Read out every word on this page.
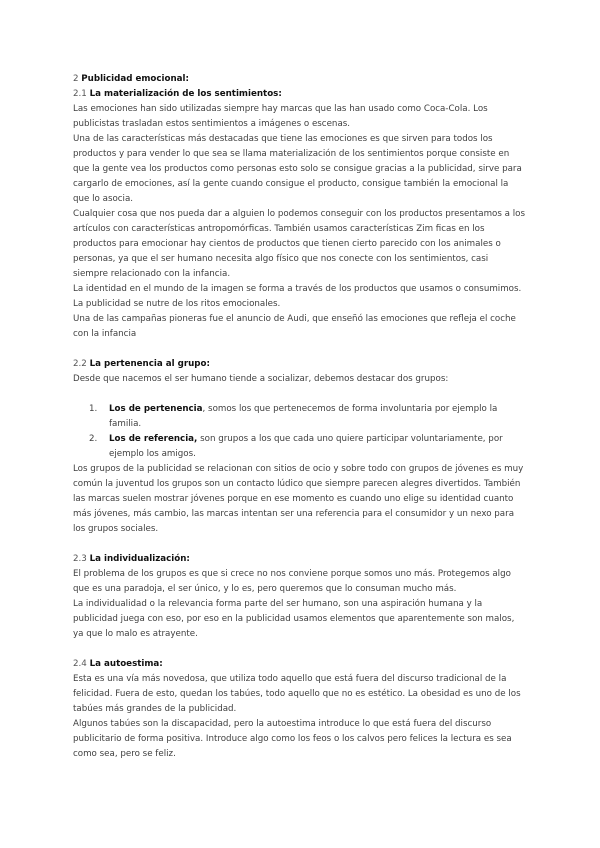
2 Publicidad emocional:

2.1 La materialización de los sentimientos:

Las emociones han sido utilizadas siempre hay marcas que las han usado como Coca-Cola. Los publicistas trasladan estos sentimientos a imágenes o escenas.

Una de las características más destacadas que tiene las emociones es que sirven para todos los productos y para vender lo que sea se llama materialización de los sentimientos porque consiste en que la gente vea los productos como personas esto solo se consigue gracias a la publicidad, sirve para cargarlo de emociones, así la gente cuando consigue el producto, consigue también la emocional la que lo asocia.

Cualquier cosa que nos pueda dar a alguien lo podemos conseguir con los productos presentamos a los artículos con características antropomórficas. También usamos características Zim ficas en los productos para emocionar hay cientos de productos que tienen cierto parecido con los animales o personas, ya que el ser humano necesita algo físico que nos conecte con los sentimientos, casi siempre relacionado con la infancia.

La identidad en el mundo de la imagen se forma a través de los productos que usamos o consumimos. La publicidad se nutre de los ritos emocionales.

Una de las campañas pioneras fue el anuncio de Audi, que enseñó las emociones que refleja el coche con la infancia

2.2 La pertenencia al grupo:

Desde que nacemos el ser humano tiende a socializar, debemos destacar dos grupos:

1. Los de pertenencia, somos los que pertenecemos de forma involuntaria por ejemplo la familia.
2. Los de referencia, son grupos a los que cada uno quiere participar voluntariamente, por ejemplo los amigos.

Los grupos de la publicidad se relacionan con sitios de ocio y sobre todo con grupos de jóvenes es muy común la juventud los grupos son un contacto lúdico que siempre parecen alegres divertidos. También las marcas suelen mostrar jóvenes porque en ese momento es cuando uno elige su identidad cuanto más jóvenes, más cambio, las marcas intentan ser una referencia para el consumidor y un nexo para los grupos sociales.

2.3 La individualización:

El problema de los grupos es que si crece no nos conviene porque somos uno más. Protegemos algo que es una paradoja, el ser único, y lo es, pero queremos que lo consuman mucho más.

La individualidad o la relevancia forma parte del ser humano, son una aspiración humana y la publicidad juega con eso, por eso en la publicidad usamos elementos que aparentemente son malos, ya que lo malo es atrayente.

2.4 La autoestima:

Esta es una vía más novedosa, que utiliza todo aquello que está fuera del discurso tradicional de la felicidad. Fuera de esto, quedan los tabúes, todo aquello que no es estético. La obesidad es uno de los tabúes más grandes de la publicidad.

Algunos tabúes son la discapacidad, pero la autoestima introduce lo que está fuera del discurso publicitario de forma positiva. Introduce algo como los feos o los calvos pero felices la lectura es sea como sea, pero se feliz.
